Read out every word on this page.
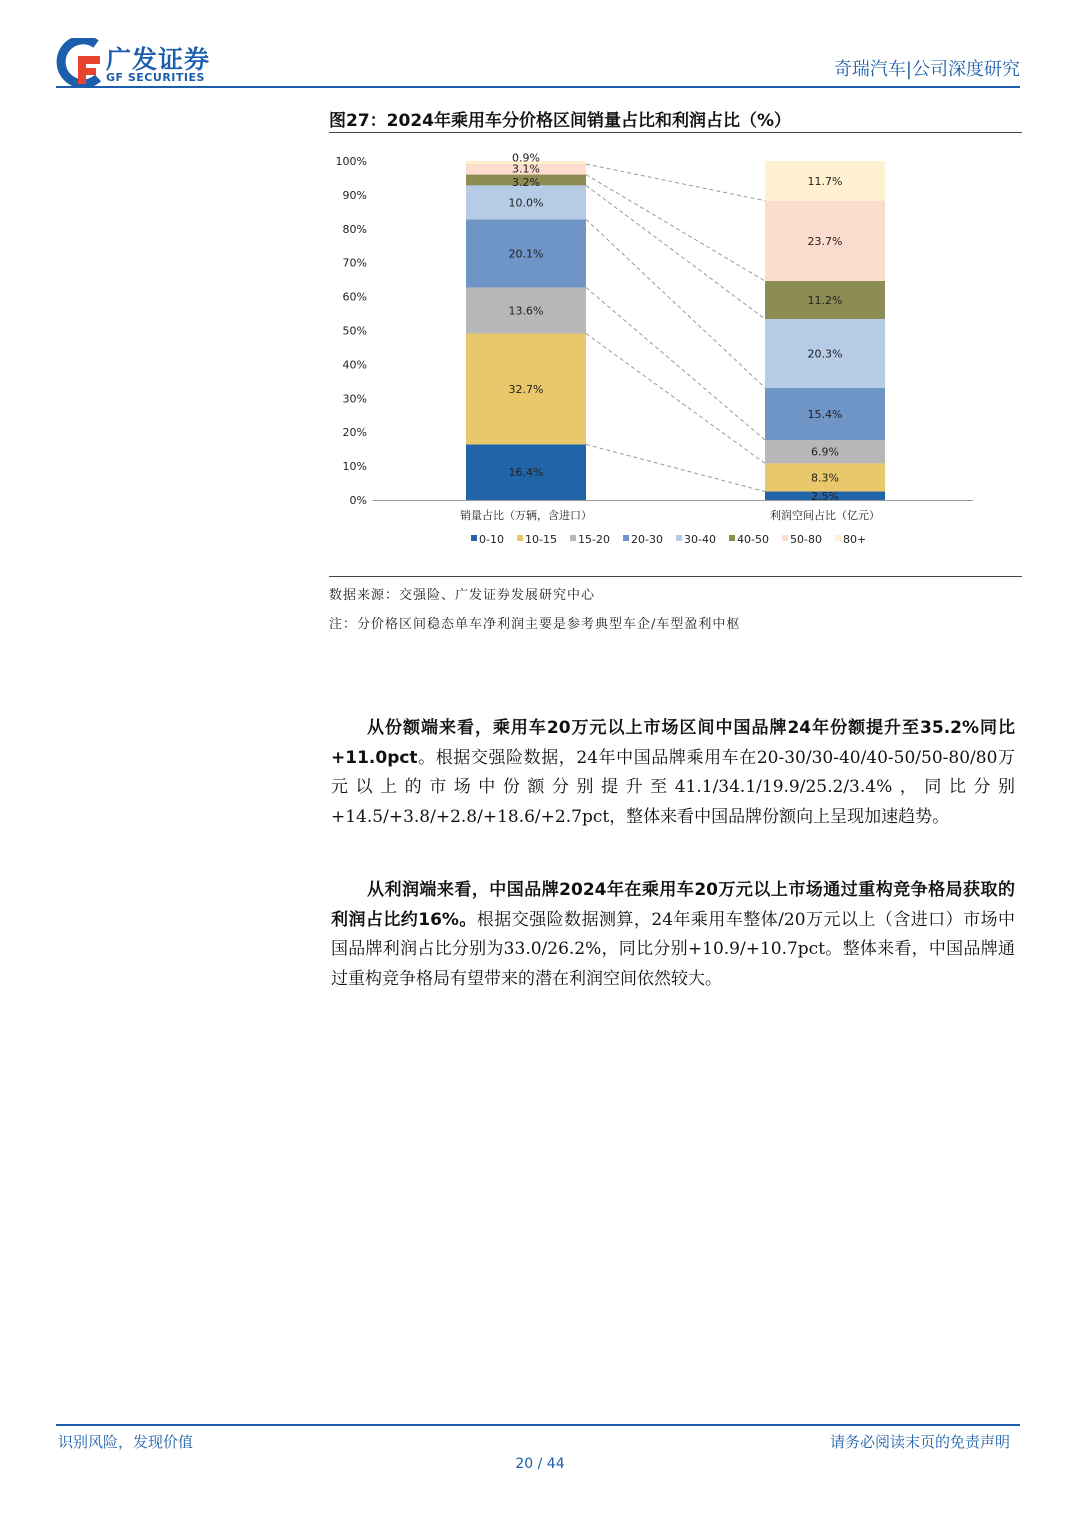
广发证券
GF SECURITIES	奇瑞汽车|公司深度研究
图27：2024年乘用车分价格区间销量占比和利润占比（%）
0%
10%
20%
30%
40%
50%
60%
70%
80%
90%
100%
16.4%
32.7%
13.6%
20.1%
10.0%
3.2%
3.1%
0.9%
2.5%
8.3%
6.9%
15.4%
20.3%
11.2%
23.7%
11.7%
销量占比（万辆，含进口）	利润空间占比（亿元）
0-10 10-15 15-20 20-30 30-40 40-50 50-80 80+
数据来源：交强险、广发证券发展研究中心
注：分价格区间稳态单车净利润主要是参考典型车企/车型盈利中枢

从份额端来看，乘用车20万元以上市场区间中国品牌24年份额提升至35.2%同比+11.0pct。根据交强险数据，24年中国品牌乘用车在20-30/30-40/40-50/50-80/80万元以上的市场中份额分别提升至41.1/34.1/19.9/25.2/3.4%，同比分别+14.5/+3.8/+2.8/+18.6/+2.7pct，整体来看中国品牌份额向上呈现加速趋势。

从利润端来看，中国品牌2024年在乘用车20万元以上市场通过重构竞争格局获取的利润占比约16%。根据交强险数据测算，24年乘用车整体/20万元以上（含进口）市场中国品牌利润占比分别为33.0/26.2%，同比分别+10.9/+10.7pct。整体来看，中国品牌通过重构竞争格局有望带来的潜在利润空间依然较大。

识别风险，发现价值	请务必阅读末页的免责声明
20 / 44
